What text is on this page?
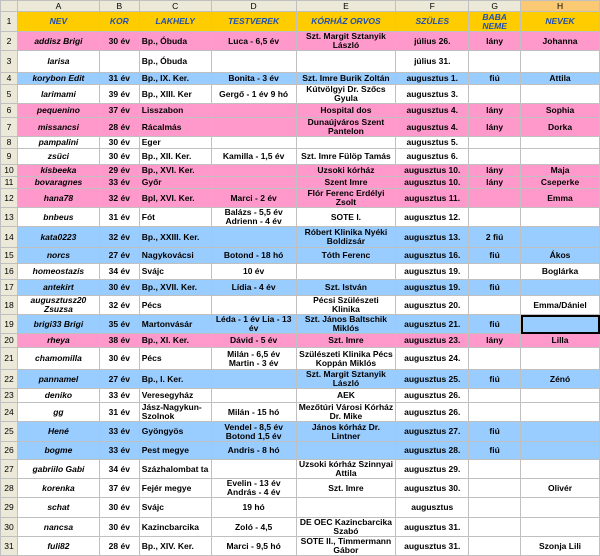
	A	B	C	D	E	F	G	H
1	NEV	KOR	LAKHELY	TESTVEREK	KÓRHÁZ ORVOS	SZÜLES	BABA NEME	NEVEK
2	addisz Brigi	30 év	Bp., Óbuda	Luca - 6,5 év	Szt. Margit Sztanyik László	július 26.	lány	Johanna
3	larisa		Bp., Óbuda			július 31.		
4	korybon Edit	31 év	Bp., IX. Ker.	Bonita - 3 év	Szt. Imre Burik Zoltán	augusztus 1.	fiú	Attila
5	larimami	39 év	Bp., XIII. Ker	Gergő - 1 év 9 hó	Kútvölgyi Dr. Szőcs Gyula	augusztus 3.		
6	pequenino	37 év	Lisszabon		Hospital dos	augusztus 4.	lány	Sophia
7	missancsi	28 év	Rácalmás		Dunaújváros Szent Pantelon	augusztus 4.	lány	Dorka
8	pampalini	30 év	Eger			augusztus 5.		
9	zsüci	30 év	Bp., XII. Ker.	Kamilla - 1,5 év	Szt. Imre Fülöp Tamás	augusztus 6.		
10	kisbeeka	29 év	Bp., XVI. Ker.		Uzsoki kórház	augusztus 10.	lány	Maja
11	bovaragnes	33 év	Győr		Szent Imre	augusztus 10.	lány	Cseperke
12	hana78	32 év	Bpl, XVI. Ker.	Marci - 2 év	Flór Ferenc Erdélyi Zsolt	augusztus 11.		Emma
13	bnbeus	31 év	Fót	Balázs - 5,5 év Adrienn - 4 év	SOTE I.	augusztus 12.		
14	kata0223	32 év	Bp., XXIII. Ker.		Róbert Klinika Nyéki Boldizsár	augusztus 13.	2 fiú	
15	norcs	27 év	Nagykovácsi	Botond - 18 hó	Tóth Ferenc	augusztus 16.	fiú	Ákos
16	homeostazis	34 év	Svájc	10 év		augusztus 19.		Boglárka
17	antekirt	30 év	Bp., XVII. Ker.	Lídia - 4 év	Szt. István	augusztus 19.	fiú	
18	augusztusz20 Zsuzsa	32 év	Pécs		Pécsi Szülészeti Klinika	augusztus 20.		Emma/Dániel
19	brigi33 Brigi	35 év	Martonvásár	Léda - 1 év Lia - 13 év	Szt. János Baltschik Miklós	augusztus 21.	fiú	
20	rheya	38 év	Bp., XI. Ker.	Dávid - 5 év	Szt. Imre	augusztus 23.	lány	Lilla
21	chamomilla	30 év	Pécs	Milán - 6,5 év Martin - 3 év	Szülészeti Klinika Pécs Koppán Miklós	augusztus 24.		
22	pannamel	27 év	Bp., I. Ker.		Szt. Margit Sztanyik László	augusztus 25.	fiú	Zénó
23	deniko	33 év	Veresegyház		AEK	augusztus 26.		
24	gg	31 év	Jász-Nagykun-Szolnok	Milán - 15 hó	Mezőtúri Városi Kórház Dr. Mike	augusztus 26.		
25	Hené	33 év	Gyöngyös	Vendel - 8,5 év Botond 1,5 év	János kórház Dr. Lintner	augusztus 27.	fiú	
26	bogme	33 év	Pest megye	Andris - 8 hó		augusztus 28.	fiú	
27	gabriilo Gabi	34 év	Százhalombat ta		Uzsoki kórház Szinnyai Attila	augusztus 29.		
28	korenka	37 év	Fejér megye	Evelin - 13 év András - 4 év	Szt. Imre	augusztus 30.		Olivér
29	schat	30 év	Svájc	19 hó		augusztus		
30	nancsa	30 év	Kazincbarcika	Zoló - 4,5	DE OEC Kazincbarcika Szabó	augusztus 31.		
31	fuli82	28 év	Bp., XIV. Ker.	Marci - 9,5 hó	SOTE II., Timmermann Gábor	augusztus 31.		Szonja Lili
